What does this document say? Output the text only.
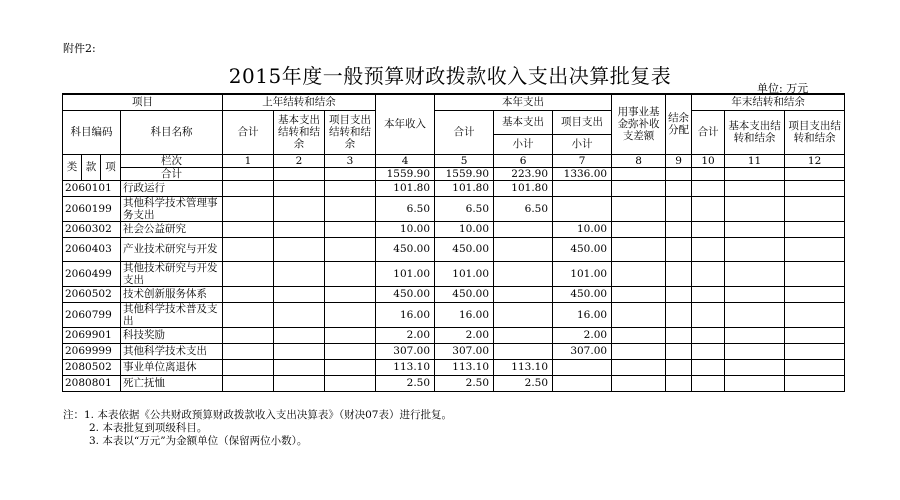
附件2:
2015年度一般预算财政拨款收入支出决算批复表
单位: 万元
项目				上年结转和结余			本年收入	本年支出			用事业基金弥补收支差额	结余分配	年末结转和结余		
科目编码			科目名称	合计	基本支出结转和结余	项目支出结转和结余		合计	基本支出	项目支出			合计	基本支出结转和结余	项目支出结转和结余
									小计	小计					
类	款	项	栏次	1	2	3	4	5	6	7	8	9	10	11	12
			合计				1559.90	1559.90	223.90	1336.00					
2060101			行政运行				101.80	101.80	101.80						
2060199			其他科学技术管理事务支出				6.50	6.50	6.50						
2060302			社会公益研究				10.00	10.00		10.00					
2060403			产业技术研究与开发				450.00	450.00		450.00					
2060499			其他技术研究与开发支出				101.00	101.00		101.00					
2060502			技术创新服务体系				450.00	450.00		450.00					
2060799			其他科学技术普及支出				16.00	16.00		16.00					
2069901			科技奖励				2.00	2.00		2.00					
2069999			其他科学技术支出				307.00	307.00		307.00					
2080502			事业单位离退休				113.10	113.10	113.10						
2080801			死亡抚恤				2.50	2.50	2.50						
注：1. 本表依据《公共财政预算财政拨款收入支出决算表》（财决07表）进行批复。
2. 本表批复到项级科目。
3. 本表以“万元”为金额单位（保留两位小数）。
